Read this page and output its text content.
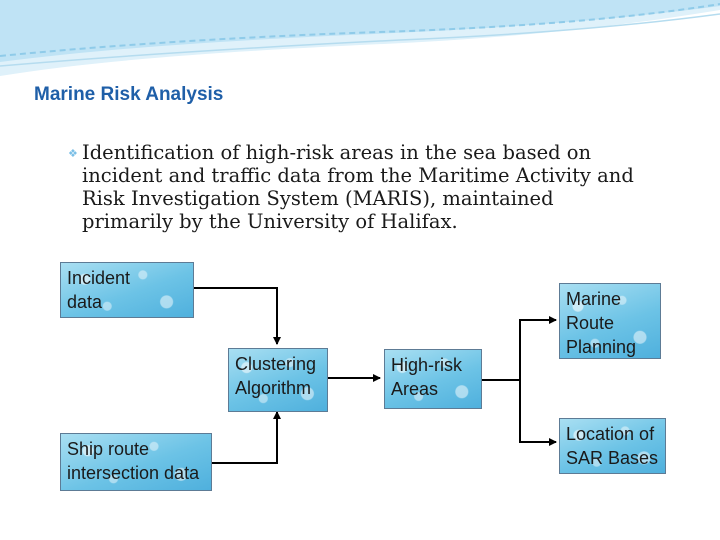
Marine Risk Analysis
❖ Identification of high-risk areas in the sea based on incident and traffic data from the Maritime Activity and Risk Investigation System (MARIS), maintained primarily by the University of Halifax.

Incident
data
Ship route
intersection data
Clustering
Algorithm
High-risk
Areas
Marine
Route
Planning
Location of
SAR Bases
